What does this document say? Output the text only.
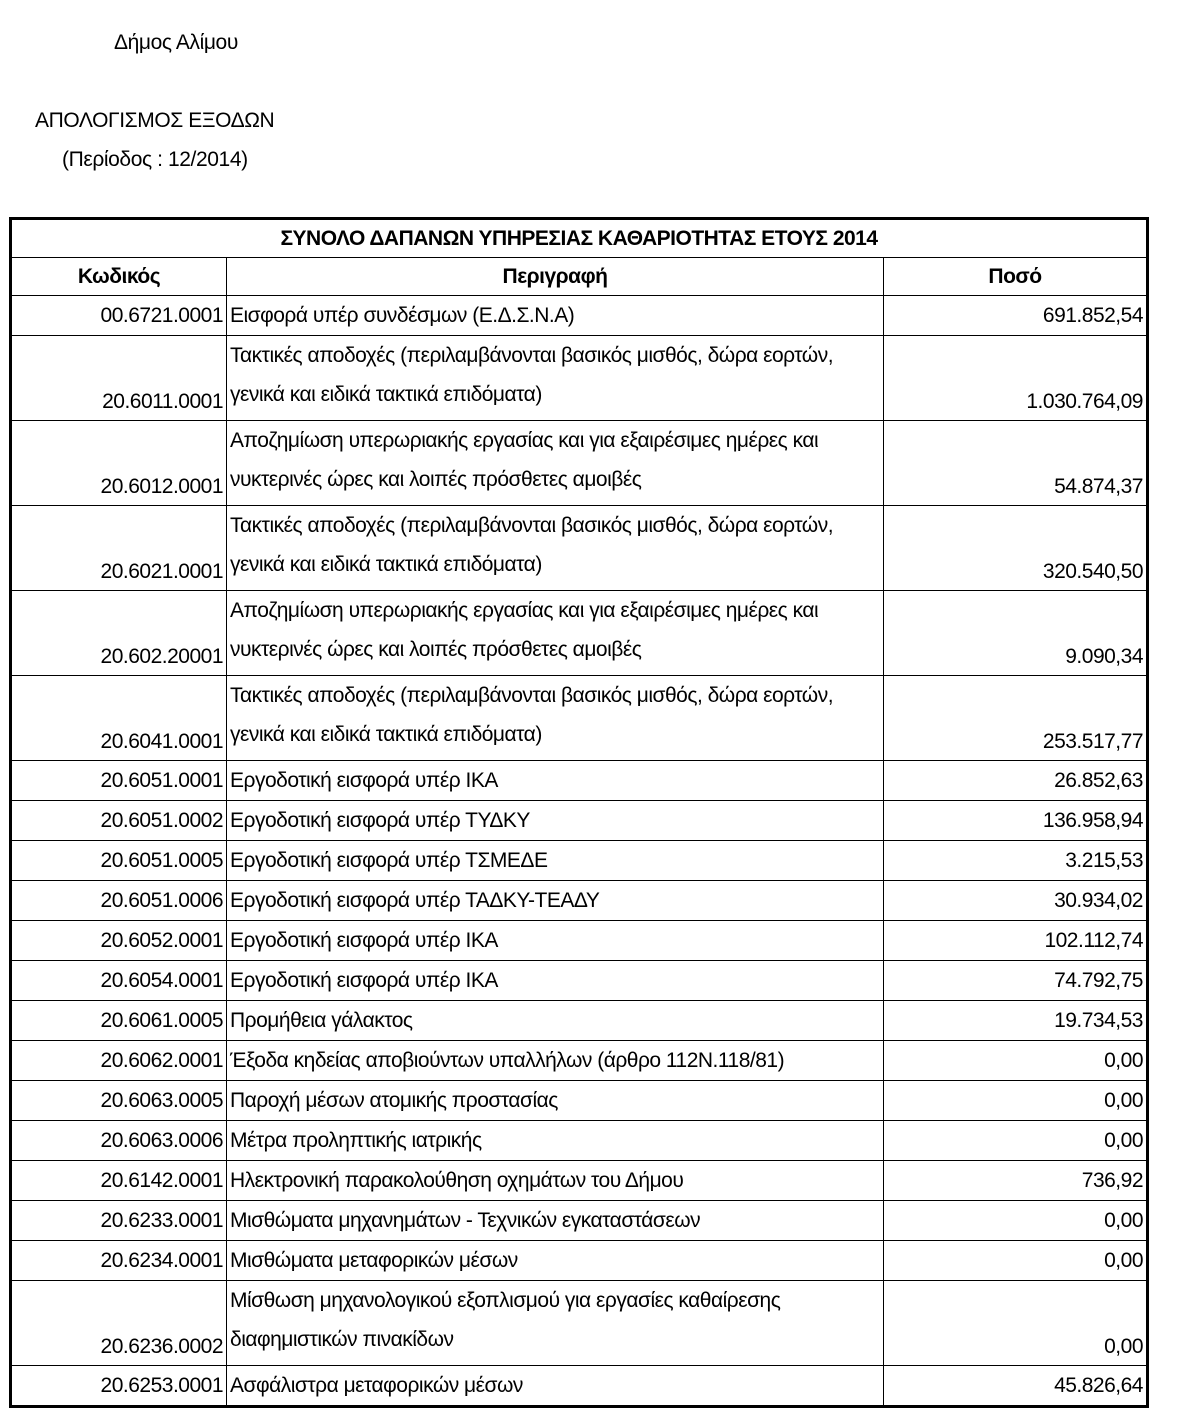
Δήμος Αλίμου
ΑΠΟΛΟΓΙΣΜΟΣ ΕΞΟΔΩΝ
(Περίοδος : 12/2014)
ΣΥΝΟΛΟ ΔΑΠΑΝΩΝ ΥΠΗΡΕΣΙΑΣ ΚΑΘΑΡΙΟΤΗΤΑΣ ΕΤΟΥΣ 2014		
Κωδικός	Περιγραφή	Ποσό
00.6721.0001	Εισφορά υπέρ συνδέσμων (Ε.Δ.Σ.Ν.Α)	691.852,54
20.6011.0001	Τακτικές αποδοχές (περιλαμβάνονται βασικός μισθός, δώρα εορτών, γενικά και ειδικά τακτικά επιδόματα)	1.030.764,09
20.6012.0001	Αποζημίωση υπερωριακής εργασίας και για εξαιρέσιμες ημέρες και νυκτερινές ώρες και λοιπές πρόσθετες αμοιβές	54.874,37
20.6021.0001	Τακτικές αποδοχές (περιλαμβάνονται βασικός μισθός, δώρα εορτών, γενικά και ειδικά τακτικά επιδόματα)	320.540,50
20.602.20001	Αποζημίωση υπερωριακής εργασίας και για εξαιρέσιμες ημέρες και νυκτερινές ώρες και λοιπές πρόσθετες αμοιβές	9.090,34
20.6041.0001	Τακτικές αποδοχές (περιλαμβάνονται βασικός μισθός, δώρα εορτών, γενικά και ειδικά τακτικά επιδόματα)	253.517,77
20.6051.0001	Εργοδοτική εισφορά υπέρ ΙΚΑ	26.852,63
20.6051.0002	Εργοδοτική εισφορά υπέρ ΤΥΔΚΥ	136.958,94
20.6051.0005	Εργοδοτική εισφορά υπέρ ΤΣΜΕΔΕ	3.215,53
20.6051.0006	Εργοδοτική εισφορά υπέρ ΤΑΔΚΥ-ΤΕΑΔΥ	30.934,02
20.6052.0001	Εργοδοτική εισφορά υπέρ ΙΚΑ	102.112,74
20.6054.0001	Εργοδοτική εισφορά υπέρ ΙΚΑ	74.792,75
20.6061.0005	Προμήθεια γάλακτος	19.734,53
20.6062.0001	Έξοδα κηδείας αποβιούντων υπαλλήλων (άρθρο 112Ν.118/81)	0,00
20.6063.0005	Παροχή μέσων ατομικής προστασίας	0,00
20.6063.0006	Μέτρα προληπτικής ιατρικής	0,00
20.6142.0001	Ηλεκτρονική παρακολούθηση οχημάτων του Δήμου	736,92
20.6233.0001	Μισθώματα μηχανημάτων - Τεχνικών εγκαταστάσεων	0,00
20.6234.0001	Μισθώματα μεταφορικών μέσων	0,00
20.6236.0002	Μίσθωση μηχανολογικού εξοπλισμού για εργασίες καθαίρεσης διαφημιστικών πινακίδων	0,00
20.6253.0001	Ασφάλιστρα μεταφορικών μέσων	45.826,64
